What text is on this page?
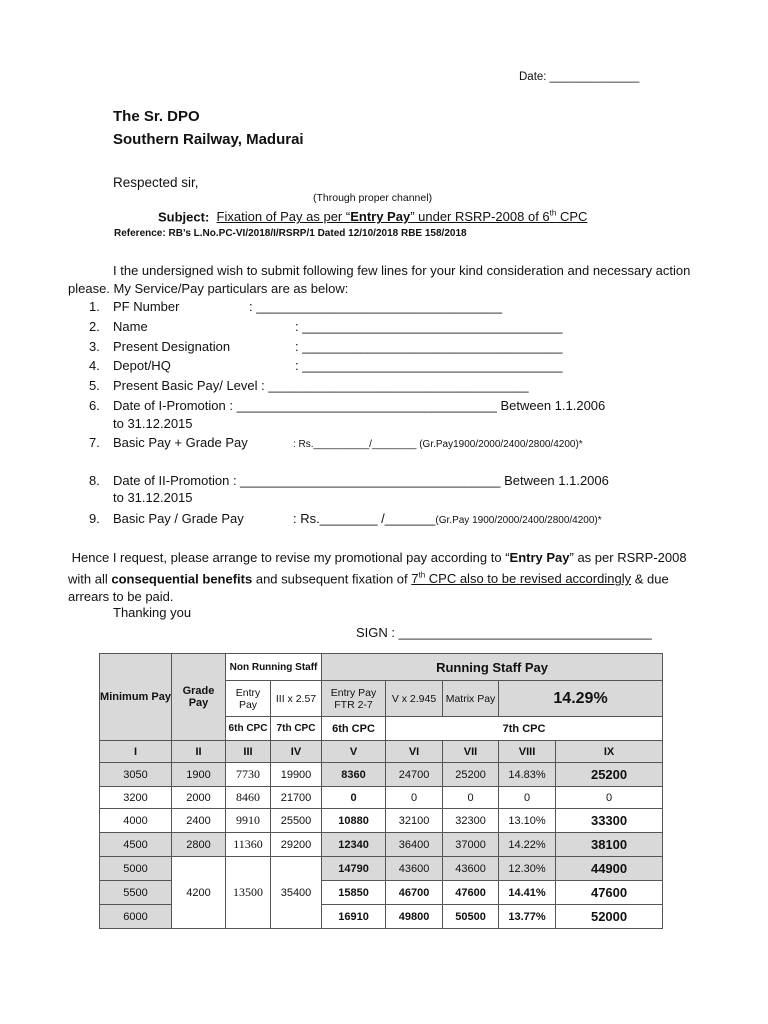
Date: ______________
The Sr. DPO
Southern Railway, Madurai
Respected sir,
(Through proper channel)
Subject: Fixation of Pay as per “Entry Pay” under RSRP-2008 of 6th CPC
Reference: RB’s L.No.PC-VI/2018/I/RSRP/1 Dated 12/10/2018 RBE 158/2018
I the undersigned wish to submit following few lines for your kind consideration and necessary action please. My Service/Pay particulars are as below:
1. PF Number	: __________________________________
2. Name	: ____________________________________
3. Present Designation	: ____________________________________
4. Depot/HQ	: ____________________________________
5. Present Basic Pay/ Level : ____________________________________
6. Date of I-Promotion : ____________________________________ Between 1.1.2006
to 31.12.2015
7. Basic Pay + Grade Pay	: Rs.__________/________ (Gr.Pay1900/2000/2400/2800/4200)*
8. Date of II-Promotion : ____________________________________ Between 1.1.2006
to 31.12.2015
9. Basic Pay / Grade Pay	: Rs.________ /_______(Gr.Pay 1900/2000/2400/2800/4200)*
Hence I request, please arrange to revise my promotional pay according to “Entry Pay” as per RSRP-2008 with all consequential benefits and subsequent fixation of 7th CPC also to be revised accordingly & due arrears to be paid.
Thanking you
SIGN : ___________________________________
Minimum Pay	Grade Pay	Non Running Staff		Running Staff Pay				
		Entry Pay	III x 2.57	Entry Pay FTR 2-7	V x 2.945	Matrix Pay	14.29%	
		6th CPC	7th CPC	6th CPC	7th CPC			
I	II	III	IV	V	VI	VII	VIII	IX
3050	1900	7730	19900	8360	24700	25200	14.83%	25200
3200	2000	8460	21700	0	0	0	0	0
4000	2400	9910	25500	10880	32100	32300	13.10%	33300
4500	2800	11360	29200	12340	36400	37000	14.22%	38100
5000	4200	13500	35400	14790	43600	43600	12.30%	44900
5500				15850	46700	47600	14.41%	47600
6000				16910	49800	50500	13.77%	52000
